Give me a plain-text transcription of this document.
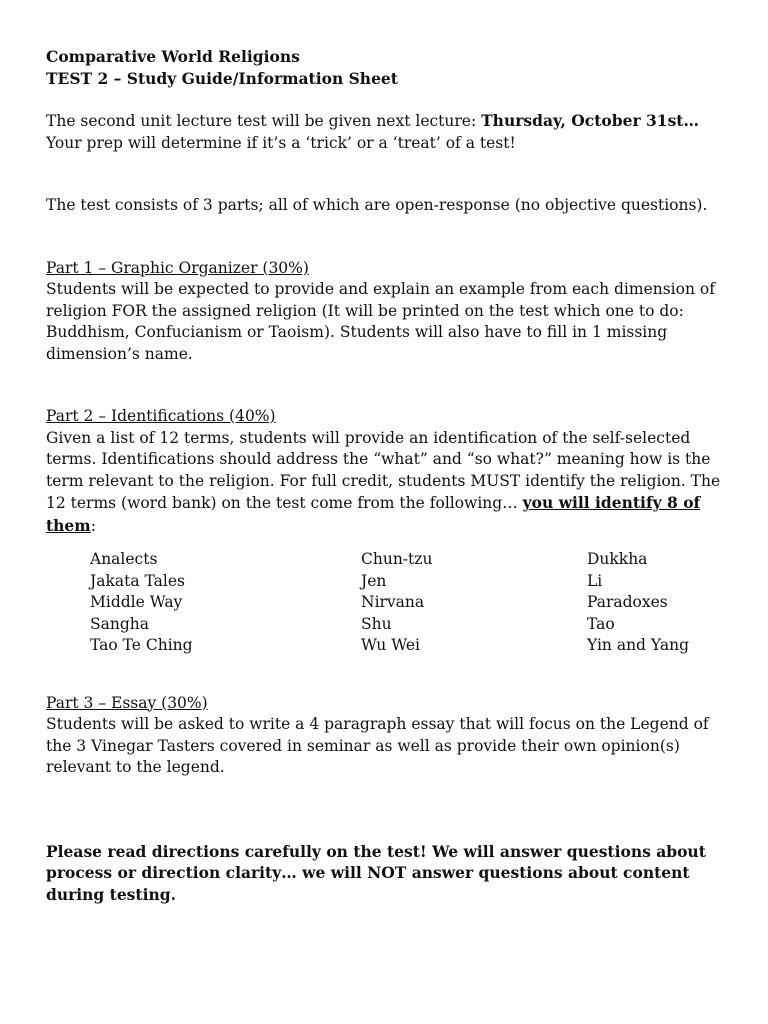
Comparative World Religions
TEST 2 – Study Guide/Information Sheet

The second unit lecture test will be given next lecture: Thursday, October 31st… Your prep will determine if it’s a ‘trick’ or a ‘treat’ of a test!

The test consists of 3 parts; all of which are open-response (no objective questions).

Part 1 – Graphic Organizer (30%)
Students will be expected to provide and explain an example from each dimension of religion FOR the assigned religion (It will be printed on the test which one to do: Buddhism, Confucianism or Taoism). Students will also have to fill in 1 missing dimension’s name.

Part 2 – Identifications (40%)
Given a list of 12 terms, students will provide an identification of the self-selected terms. Identifications should address the “what” and “so what?” meaning how is the term relevant to the religion. For full credit, students MUST identify the religion. The 12 terms (word bank) on the test come from the following… you will identify 8 of them:

Analects
Jakata Tales
Middle Way
Sangha
Tao Te Ching
Chun-tzu
Jen
Nirvana
Shu
Wu Wei
Dukkha
Li
Paradoxes
Tao
Yin and Yang

Part 3 – Essay (30%)
Students will be asked to write a 4 paragraph essay that will focus on the Legend of the 3 Vinegar Tasters covered in seminar as well as provide their own opinion(s) relevant to the legend.

Please read directions carefully on the test! We will answer questions about process or direction clarity… we will NOT answer questions about content during testing.
